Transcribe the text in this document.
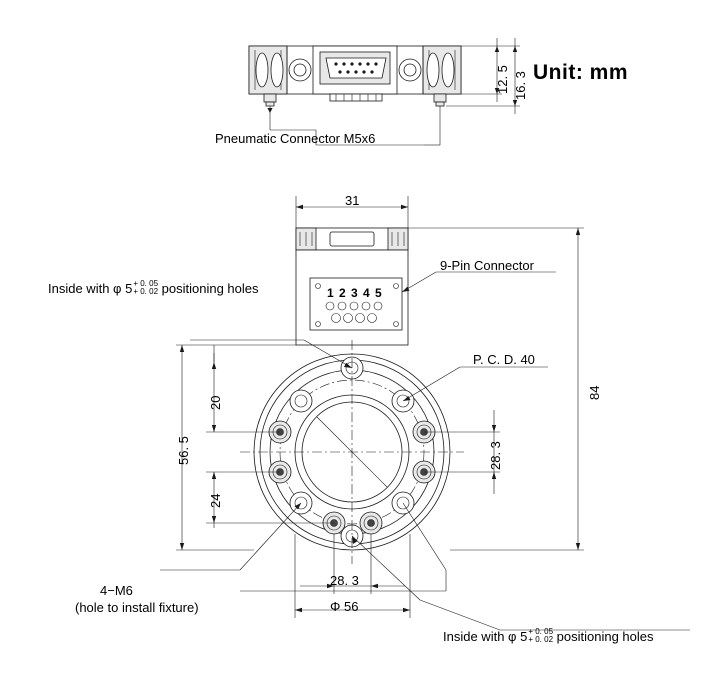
Unit: mm
12. 5 16. 3
Pneumatic Connector M5x6
31
84
56. 5
20
24
28. 3
28. 3
Φ 56
P. C. D. 40
9-Pin Connector
4−M6
(hole to install fixture)
Inside with φ 5 + 0. 05
+ 0. 02 positioning holes
Inside with φ 5 + 0. 05
+ 0. 02 positioning holes
1 2 3 4 5
